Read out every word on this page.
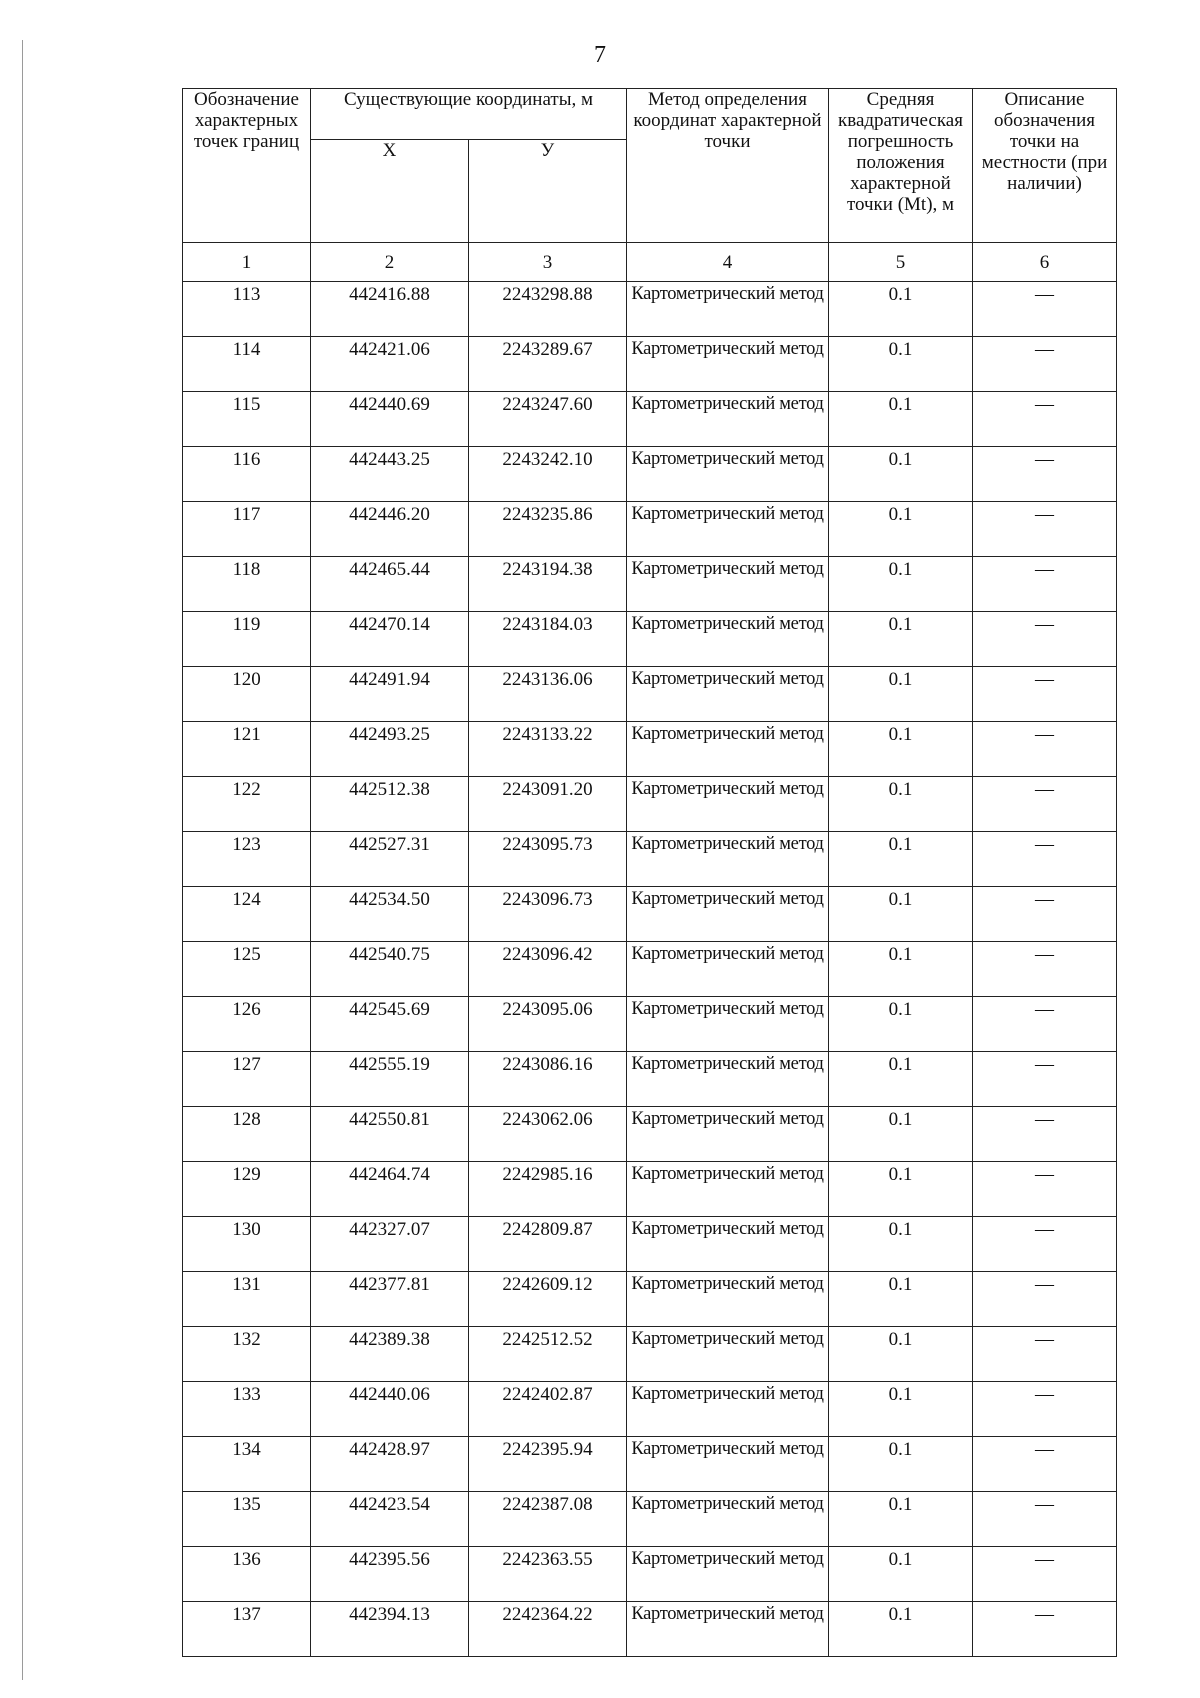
7
Обозначение характерных точек границ	Существующие координаты, м		Метод определения координат характерной точки	Средняя квадратическая погрешность положения характерной точки (Mt), м	Описание обозначения точки на местности (при наличии)
	X	У			
1	2	3	4	5	6
113	442416.88	2243298.88	Картометрический метод	0.1	—
114	442421.06	2243289.67	Картометрический метод	0.1	—
115	442440.69	2243247.60	Картометрический метод	0.1	—
116	442443.25	2243242.10	Картометрический метод	0.1	—
117	442446.20	2243235.86	Картометрический метод	0.1	—
118	442465.44	2243194.38	Картометрический метод	0.1	—
119	442470.14	2243184.03	Картометрический метод	0.1	—
120	442491.94	2243136.06	Картометрический метод	0.1	—
121	442493.25	2243133.22	Картометрический метод	0.1	—
122	442512.38	2243091.20	Картометрический метод	0.1	—
123	442527.31	2243095.73	Картометрический метод	0.1	—
124	442534.50	2243096.73	Картометрический метод	0.1	—
125	442540.75	2243096.42	Картометрический метод	0.1	—
126	442545.69	2243095.06	Картометрический метод	0.1	—
127	442555.19	2243086.16	Картометрический метод	0.1	—
128	442550.81	2243062.06	Картометрический метод	0.1	—
129	442464.74	2242985.16	Картометрический метод	0.1	—
130	442327.07	2242809.87	Картометрический метод	0.1	—
131	442377.81	2242609.12	Картометрический метод	0.1	—
132	442389.38	2242512.52	Картометрический метод	0.1	—
133	442440.06	2242402.87	Картометрический метод	0.1	—
134	442428.97	2242395.94	Картометрический метод	0.1	—
135	442423.54	2242387.08	Картометрический метод	0.1	—
136	442395.56	2242363.55	Картометрический метод	0.1	—
137	442394.13	2242364.22	Картометрический метод	0.1	—
